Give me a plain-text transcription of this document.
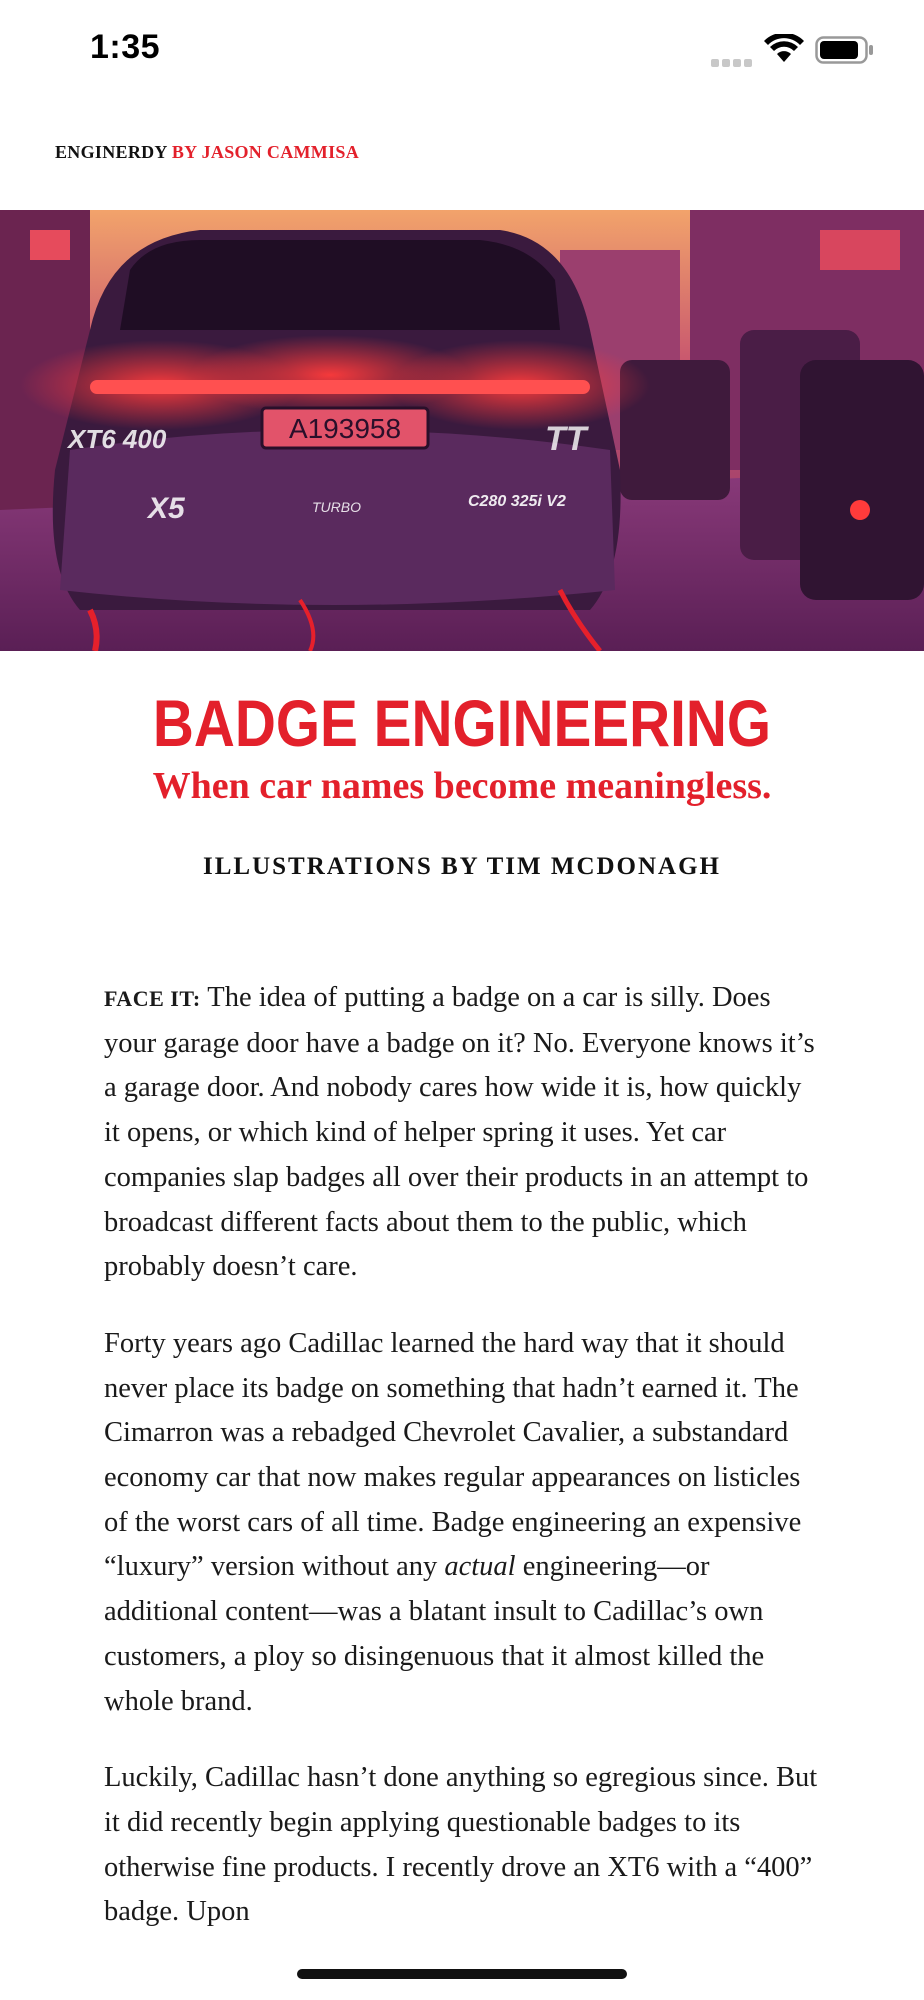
1:35
ENGINERDY BY JASON CAMMISA
A193958
XT6 400	TT
X5	TURBO	C280 325i V2
BADGE ENGINEERING
When car names become meaningless.
ILLUSTRATIONS BY TIM MCDONAGH

FACE IT: The idea of putting a badge on a car is silly. Does your garage door have a badge on it? No. Everyone knows it’s a garage door. And nobody cares how wide it is, how quickly it opens, or which kind of helper spring it uses. Yet car companies slap badges all over their products in an attempt to broadcast different facts about them to the public, which probably doesn’t care.

Forty years ago Cadillac learned the hard way that it should never place its badge on something that hadn’t earned it. The Cimarron was a rebadged Chevrolet Cavalier, a substandard economy car that now makes regular appearances on listicles of the worst cars of all time. Badge engineering an expensive “luxury” version without any actual engineering—or additional content—was a blatant insult to Cadillac’s own customers, a ploy so disingenuous that it almost killed the whole brand.

Luckily, Cadillac hasn’t done anything so egregious since. But it did recently begin applying questionable badges to its otherwise fine products. I recently drove an XT6 with a “400” badge. Upon
